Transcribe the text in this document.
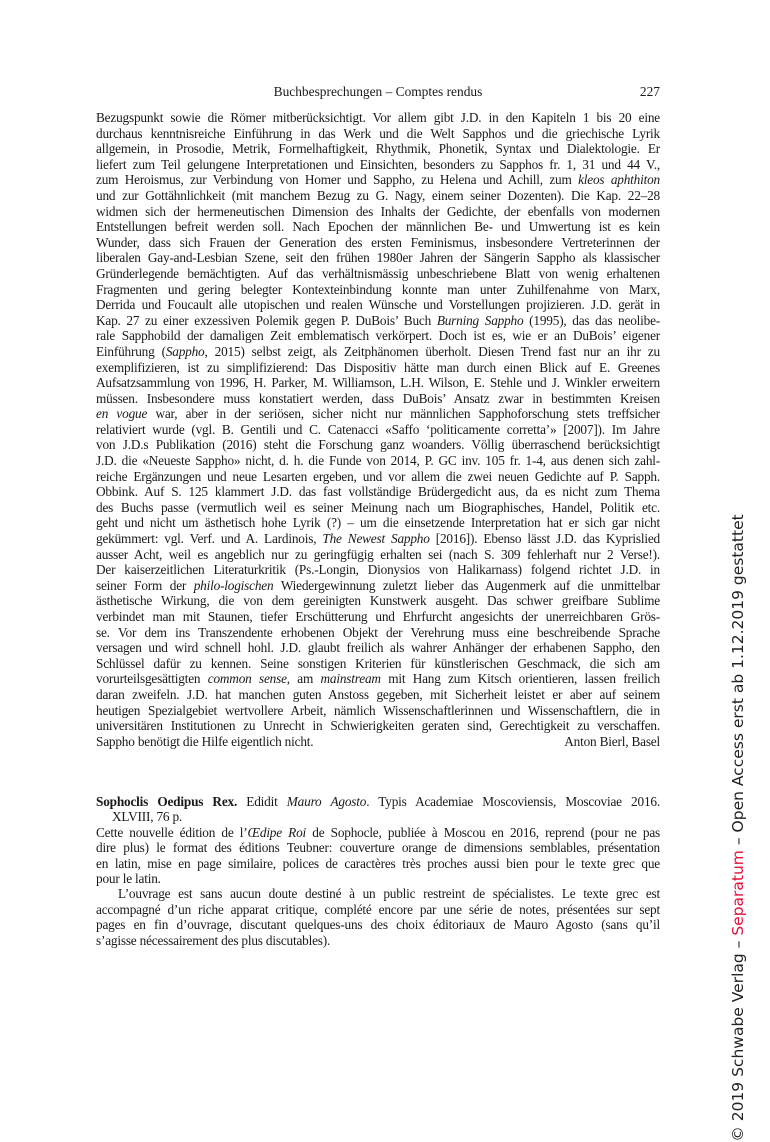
Buchbesprechungen – Comptes rendus	227
Bezugspunkt sowie die Römer mitberücksichtigt. Vor allem gibt J.D. in den Kapiteln 1 bis 20 eine
durchaus kenntnisreiche Einführung in das Werk und die Welt Sapphos und die griechische Lyrik
allgemein, in Prosodie, Metrik, Formelhaftigkeit, Rhythmik, Phonetik, Syntax und Dialektologie. Er
liefert zum Teil gelungene Interpretationen und Einsichten, besonders zu Sapphos fr. 1, 31 und 44 V.,
zum Heroismus, zur Verbindung von Homer und Sappho, zu Helena und Achill, zum kleos aphthiton
und zur Gottähnlichkeit (mit manchem Bezug zu G. Nagy, einem seiner Dozenten). Die Kap. 22–28
widmen sich der hermeneutischen Dimension des Inhalts der Gedichte, der ebenfalls von modernen
Entstellungen befreit werden soll. Nach Epochen der männlichen Be- und Umwertung ist es kein
Wunder, dass sich Frauen der Generation des ersten Feminismus, insbesondere Vertreterinnen der
liberalen Gay-and-Lesbian Szene, seit den frühen 1980er Jahren der Sängerin Sappho als klassischer
Gründerlegende bemächtigten. Auf das verhältnismässig unbeschriebene Blatt von wenig erhaltenen
Fragmenten und gering belegter Kontexteinbindung konnte man unter Zuhilfenahme von Marx,
Derrida und Foucault alle utopischen und realen Wünsche und Vorstellungen projizieren. J.D. gerät in
Kap. 27 zu einer exzessiven Polemik gegen P. DuBois’ Buch Burning Sappho (1995), das das neolibe-
rale Sapphobild der damaligen Zeit emblematisch verkörpert. Doch ist es, wie er an DuBois’ eigener
Einführung (Sappho, 2015) selbst zeigt, als Zeitphänomen überholt. Diesen Trend fast nur an ihr zu
exemplifizieren, ist zu simplifizierend: Das Dispositiv hätte man durch einen Blick auf E. Greenes
Aufsatzsammlung von 1996, H. Parker, M. Williamson, L.H. Wilson, E. Stehle und J. Winkler erweitern
müssen. Insbesondere muss konstatiert werden, dass DuBois’ Ansatz zwar in bestimmten Kreisen
en vogue war, aber in der seriösen, sicher nicht nur männlichen Sapphoforschung stets treffsicher
relativiert wurde (vgl. B. Gentili und C. Catenacci «Saffo ‘politicamente corretta’» [2007]). Im Jahre
von J.D.s Publikation (2016) steht die Forschung ganz woanders. Völlig überraschend berücksichtigt
J.D. die «Neueste Sappho» nicht, d. h. die Funde von 2014, P. GC inv. 105 fr. 1-4, aus denen sich zahl-
reiche Ergänzungen und neue Lesarten ergeben, und vor allem die zwei neuen Gedichte auf P. Sapph.
Obbink. Auf S. 125 klammert J.D. das fast vollständige Brüdergedicht aus, da es nicht zum Thema
des Buchs passe (vermutlich weil es seiner Meinung nach um Biographisches, Handel, Politik etc.
geht und nicht um ästhetisch hohe Lyrik (?) – um die einsetzende Interpretation hat er sich gar nicht
gekümmert: vgl. Verf. und A. Lardinois, The Newest Sappho [2016]). Ebenso lässt J.D. das Kyprislied
ausser Acht, weil es angeblich nur zu geringfügig erhalten sei (nach S. 309 fehlerhaft nur 2 Verse!).
Der kaiserzeitlichen Literaturkritik (Ps.-Longin, Dionysios von Halikarnass) folgend richtet J.D. in
seiner Form der philo-logischen Wiedergewinnung zuletzt lieber das Augenmerk auf die unmittelbar
ästhetische Wirkung, die von dem gereinigten Kunstwerk ausgeht. Das schwer greifbare Sublime
verbindet man mit Staunen, tiefer Erschütterung und Ehrfurcht angesichts der unerreichbaren Grös-
se. Vor dem ins Transzendente erhobenen Objekt der Verehrung muss eine beschreibende Sprache
versagen und wird schnell hohl. J.D. glaubt freilich als wahrer Anhänger der erhabenen Sappho, den
Schlüssel dafür zu kennen. Seine sonstigen Kriterien für künstlerischen Geschmack, die sich am
vorurteilsgesättigten common sense, am mainstream mit Hang zum Kitsch orientieren, lassen freilich
daran zweifeln. J.D. hat manchen guten Anstoss gegeben, mit Sicherheit leistet er aber auf seinem
heutigen Spezialgebiet wertvollere Arbeit, nämlich Wissenschaftlerinnen und Wissenschaftlern, die in
universitären Institutionen zu Unrecht in Schwierigkeiten geraten sind, Gerechtigkeit zu verschaffen.
Sappho benötigt die Hilfe eigentlich nicht.	Anton Bierl, Basel
Sophoclis Oedipus Rex. Edidit Mauro Agosto. Typis Academiae Moscoviensis, Moscoviae 2016.
XLVIII, 76 p.
Cette nouvelle édition de l’Œdipe Roi de Sophocle, publiée à Moscou en 2016, reprend (pour ne pas
dire plus) le format des éditions Teubner: couverture orange de dimensions semblables, présentation
en latin, mise en page similaire, polices de caractères très proches aussi bien pour le texte grec que
pour le latin.
L’ouvrage est sans aucun doute destiné à un public restreint de spécialistes. Le texte grec est
accompagné d’un riche apparat critique, complété encore par une série de notes, présentées sur sept
pages en fin d’ouvrage, discutant quelques-uns des choix éditoriaux de Mauro Agosto (sans qu’il
s’agisse nécessairement des plus discutables).	© 2019 Schwabe Verlag – Separatum – Open Access erst ab 1.12.2019 gestattet
